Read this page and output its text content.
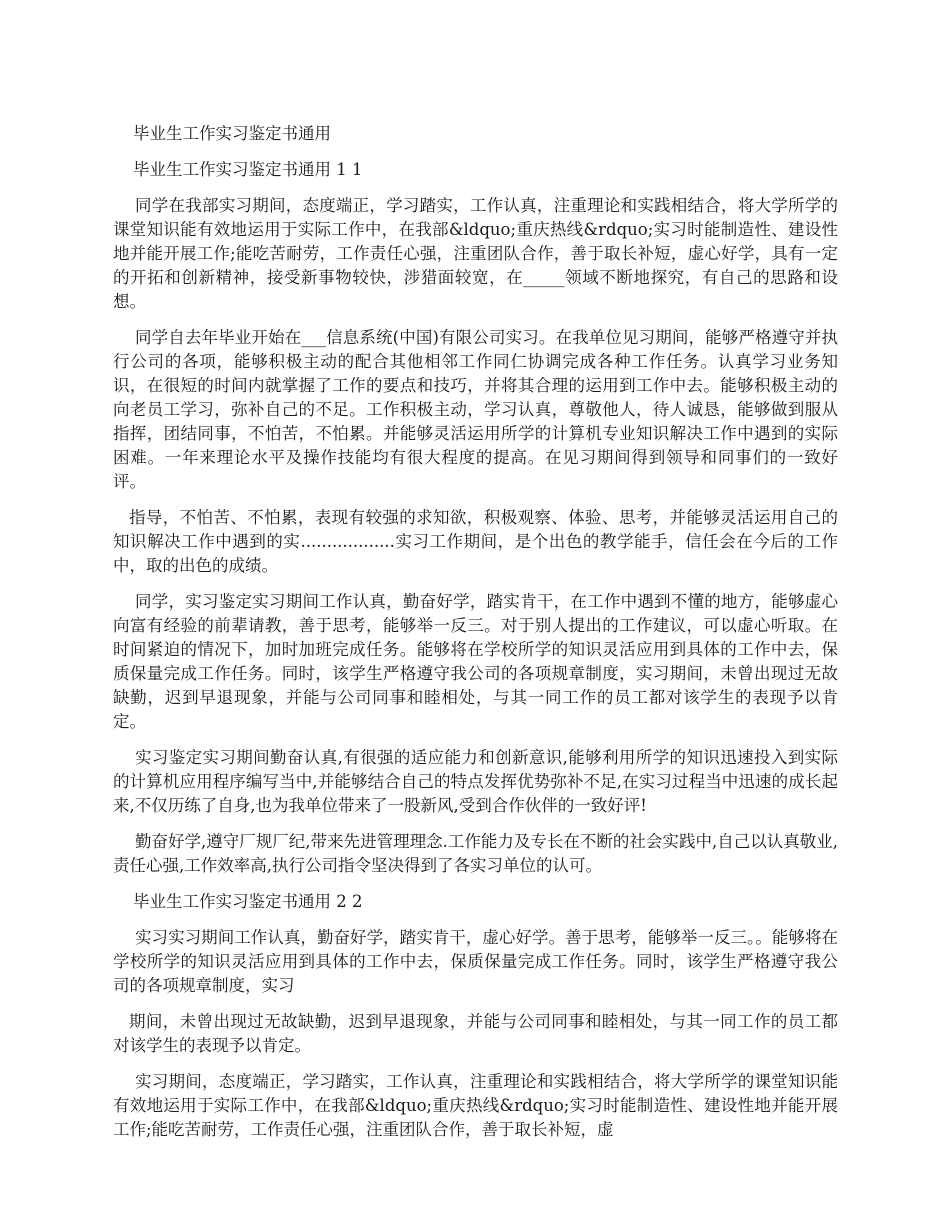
毕业生工作实习鉴定书通用
毕业生工作实习鉴定书通用 1 1

同学在我部实习期间，态度端正，学习踏实，工作认真，注重理论和实践相结合，将大学所学的课堂知识能有效地运用于实际工作中，在我部&ldquo;重庆热线&rdquo;实习时能制造性、建设性地并能开展工作;能吃苦耐劳，工作责任心强，注重团队合作，善于取长补短，虚心好学，具有一定的开拓和创新精神，接受新事物较快，涉猎面较宽，在_____领域不断地探究，有自己的思路和设想。

同学自去年毕业开始在___信息系统(中国)有限公司实习。在我单位见习期间，能够严格遵守并执行公司的各项，能够积极主动的配合其他相邻工作同仁协调完成各种工作任务。认真学习业务知识，在很短的时间内就掌握了工作的要点和技巧，并将其合理的运用到工作中去。能够积极主动的向老员工学习，弥补自己的不足。工作积极主动，学习认真，尊敬他人，待人诚恳，能够做到服从指挥，团结同事，不怕苦，不怕累。并能够灵活运用所学的计算机专业知识解决工作中遇到的实际困难。一年来理论水平及操作技能均有很大程度的提高。在见习期间得到领导和同事们的一致好评。

指导，不怕苦、不怕累，表现有较强的求知欲，积极观察、体验、思考，并能够灵活运用自己的知识解决工作中遇到的实..................实习工作期间，是个出色的教学能手，信任会在今后的工作中，取的出色的成绩。

同学，实习鉴定实习期间工作认真，勤奋好学，踏实肯干，在工作中遇到不懂的地方，能够虚心向富有经验的前辈请教，善于思考，能够举一反三。对于别人提出的工作建议，可以虚心听取。在时间紧迫的情况下，加时加班完成任务。能够将在学校所学的知识灵活应用到具体的工作中去，保质保量完成工作任务。同时，该学生严格遵守我公司的各项规章制度，实习期间，未曾出现过无故缺勤，迟到早退现象，并能与公司同事和睦相处，与其一同工作的员工都对该学生的表现予以肯定。

实习鉴定实习期间勤奋认真,有很强的适应能力和创新意识,能够利用所学的知识迅速投入到实际的计算机应用程序编写当中,并能够结合自己的特点发挥优势弥补不足,在实习过程当中迅速的成长起来,不仅历练了自身,也为我单位带来了一股新风,受到合作伙伴的一致好评!

勤奋好学,遵守厂规厂纪,带来先进管理理念.工作能力及专长在不断的社会实践中,自己以认真敬业,责任心强,工作效率高,执行公司指令坚决得到了各实习单位的认可。

毕业生工作实习鉴定书通用 2 2

实习实习期间工作认真，勤奋好学，踏实肯干，虚心好学。善于思考，能够举一反三。。能够将在学校所学的知识灵活应用到具体的工作中去，保质保量完成工作任务。同时，该学生严格遵守我公司的各项规章制度，实习

期间，未曾出现过无故缺勤，迟到早退现象，并能与公司同事和睦相处，与其一同工作的员工都对该学生的表现予以肯定。

实习期间，态度端正，学习踏实，工作认真，注重理论和实践相结合，将大学所学的课堂知识能有效地运用于实际工作中，在我部&ldquo;重庆热线&rdquo;实习时能制造性、建设性地并能开展工作;能吃苦耐劳，工作责任心强，注重团队合作，善于取长补短，虚
